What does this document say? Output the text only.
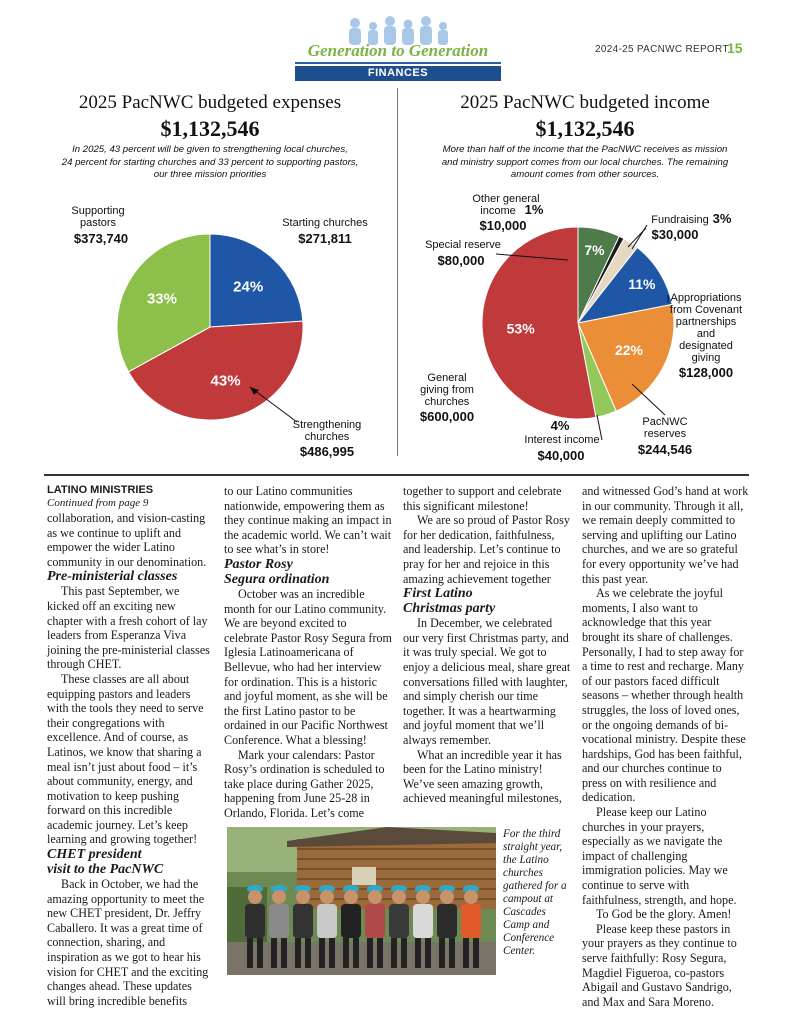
Generation to Generation
FINANCES
2024-25 PACNWC REPORT
15
2025 PacNWC budgeted expenses
$1,132,546
In 2025, 43 percent will be given to strengthening local churches,
24 percent for starting churches and 33 percent to supporting pastors,
our three mission priorities
24%
43%
33%
Supporting
pastors
$373,740
Starting churches
$271,811
Strengthening
churches
$486,995
2025 PacNWC budgeted income
$1,132,546
More than half of the income that the PacNWC receives as mission
and ministry support comes from our local churches. The remaining
amount comes from other sources.
7%
11%
22%
53%
Other general
income 1%
$10,000	Fundraising 3%
$30,000
Special reserve
$80,000
Appropriations
from Covenant
partnerships
and
designated
giving
$128,000
General
giving from
churches
$600,000
4%
Interest income
$40,000
PacNWC
reserves
$244,546
LATINO MINISTRIES
Continued from page 9

collaboration, and vision-casting as we continue to uplift and empower the wider Latino community in our denomination.

Pre-ministerial classes

This past September, we kicked off an exciting new chapter with a fresh cohort of lay leaders from Esperanza Viva joining the pre-ministerial classes through CHET.

These classes are all about equipping pastors and leaders with the tools they need to serve their congregations with excellence. And of course, as Latinos, we know that sharing a meal isn’t just about food – it’s about community, energy, and motivation to keep pushing forward on this incredible academic journey. Let’s keep learning and growing together!

CHET president
visit to the PacNWC

Back in October, we had the amazing opportunity to meet the new CHET president, Dr. Jeffry Caballero. It was a great time of connection, sharing, and inspiration as we got to hear his vision for CHET and the exciting changes ahead. These updates will bring incredible benefits

to our Latino communities nationwide, empowering them as they continue making an impact in the academic world. We can’t wait to see what’s in store!

Pastor Rosy
Segura ordination

October was an incredible month for our Latino community. We are beyond excited to celebrate Pastor Rosy Segura from Iglesia Latinoamericana of Bellevue, who had her interview for ordination. This is a historic and joyful moment, as she will be the first Latino pastor to be ordained in our Pacific Northwest Conference. What a blessing!

Mark your calendars: Pastor Rosy’s ordination is scheduled to take place during Gather 2025, happening from June 25-28 in Orlando, Florida. Let’s come

together to support and celebrate this significant milestone!

We are so proud of Pastor Rosy for her dedication, faithfulness, and leadership. Let’s continue to pray for her and rejoice in this amazing achievement together

First Latino
Christmas party

In December, we celebrated our very first Christmas party, and it was truly special. We got to enjoy a delicious meal, share great conversations filled with laughter, and simply cherish our time together. It was a heartwarming and joyful moment that we’ll always remember.

What an incredible year it has been for the Latino ministry! We’ve seen amazing growth, achieved meaningful milestones,

and witnessed God’s hand at work in our community. Through it all, we remain deeply committed to serving and uplifting our Latino churches, and we are so grateful for every opportunity we’ve had this past year.

As we celebrate the joyful moments, I also want to acknowledge that this year brought its share of challenges. Personally, I had to step away for a time to rest and recharge. Many of our pastors faced difficult seasons – whether through health struggles, the loss of loved ones, or the ongoing demands of bi-vocational ministry. Despite these hardships, God has been faithful, and our churches continue to press on with resilience and dedication.

Please keep our Latino churches in your prayers, especially as we navigate the impact of challenging immigration policies. May we continue to serve with faithfulness, strength, and hope.

To God be the glory. Amen!

Please keep these pastors in your prayers as they continue to serve faithfully: Rosy Segura, Magdiel Figueroa, co-pastors Abigail and Gustavo Sandrigo, and Max and Sara Moreno.

For the third straight year, the Latino churches gathered for a campout at Cascades Camp and Conference Center.
